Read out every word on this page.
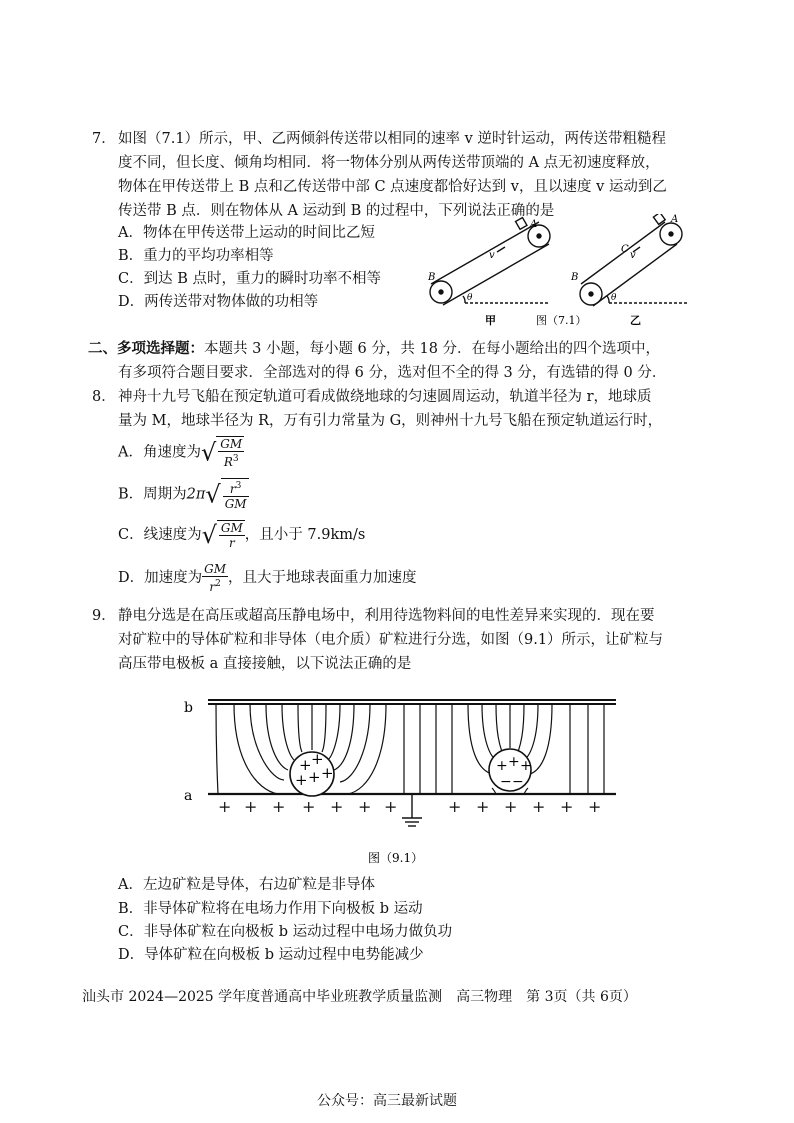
7． 如图（7.1）所示，甲、乙两倾斜传送带以相同的速率 v 逆时针运动，两传送带粗糙程
度不同，但长度、倾角均相同．将一物体分别从两传送带顶端的 A 点无初速度释放，
物体在甲传送带上 B 点和乙传送带中部 C 点速度都恰好达到 v，且以速度 v 运动到乙
传送带 B 点．则在物体从 A 运动到 B 的过程中，下列说法正确的是
A．物体在甲传送带上运动的时间比乙短
B．重力的平均功率相等
C．到达 B 点时，重力的瞬时功率不相等
D．两传送带对物体做的功相等
A
B
v
θ
A
B
C
v
θ
甲	图（7.1）	乙
二、多项选择题：本题共 3 小题，每小题 6 分，共 18 分．在每小题给出的四个选项中，
有多项符合题目要求．全部选对的得 6 分，选对但不全的得 3 分，有选错的得 0 分．
8． 神舟十九号飞船在预定轨道可看成做绕地球的匀速圆周运动，轨道半径为 r，地球质
量为 M，地球半径为 R，万有引力常量为 G，则神州十九号飞船在预定轨道运行时，
A．角速度为√ $\frac{GM}{R^3}$
B．周期为$2\pi√ \frac{r^3}{GM}$
C．线速度为√ $\frac{GM}{r}$ ，且小于 7.9km/s
D．加速度为 $\frac{GM}{r^2}$ ，且大于地球表面重力加速度
9． 静电分选是在高压或超高压静电场中，利用待选物料间的电性差异来实现的．现在要
对矿粒中的导体矿粒和非导体（电介质）矿粒进行分选，如图（9.1）所示，让矿粒与
高压带电极板 a 直接接触，以下说法正确的是
+ +
+ + +	+ + +
− −
+ + + + + + +	+ + + + + +
b
a
图（9.1）
A．左边矿粒是导体，右边矿粒是非导体
B．非导体矿粒将在电场力作用下向极板 b 运动
C．非导体矿粒在向极板 b 运动过程中电场力做负功
D．导体矿粒在向极板 b 运动过程中电势能减少
汕头市 2024—2025 学年度普通高中毕业班教学质量监测　高三物理　第 3页（共 6页）
公众号：高三最新试题
